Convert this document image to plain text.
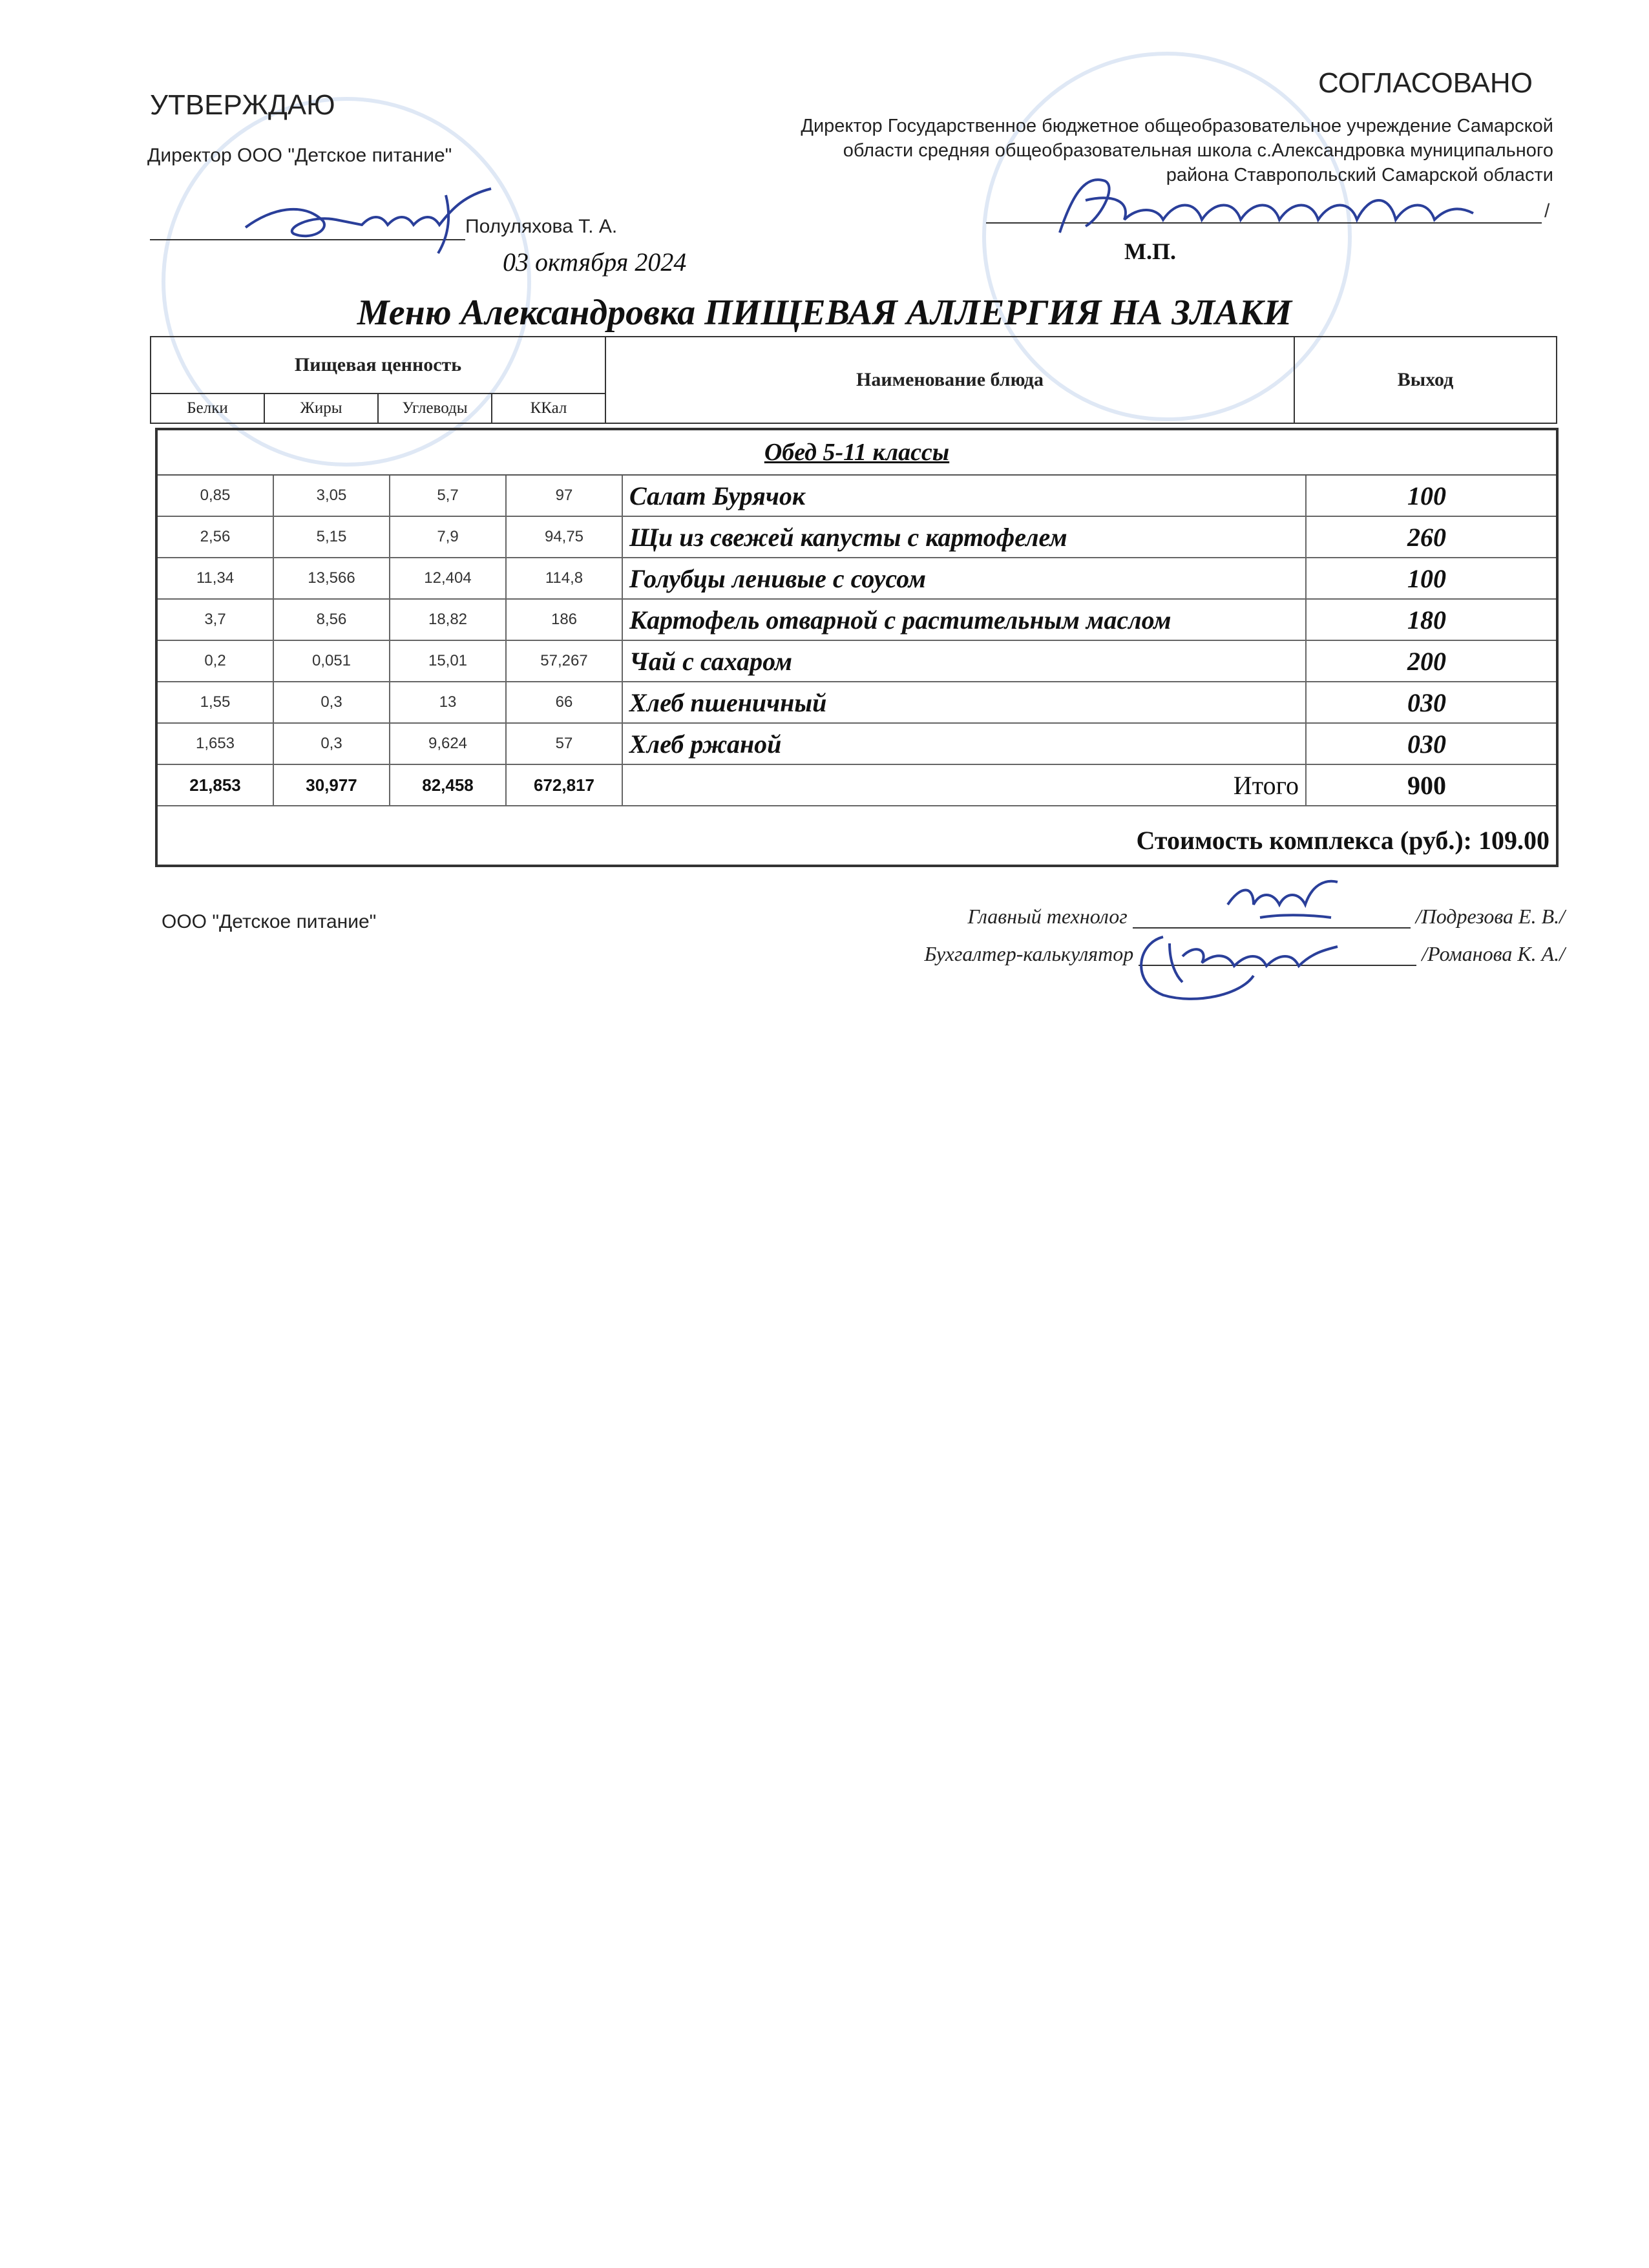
УТВЕРЖДАЮ
Директор ООО "Детское питание"
Полуляхова Т. А.
03 октября 2024
СОГЛАСОВАНО
Директор Государственное бюджетное общеобразовательное учреждение Самарской
области средняя общеобразовательная школа с.Александровка муниципального
района Ставропольский Самарской области
/
М.П.
Меню Александровка ПИЩЕВАЯ АЛЛЕРГИЯ НА ЗЛАКИ
Пищевая ценность
Белки	Жиры	Углеводы	ККал
Наименование блюда	Выход
Обед 5-11 классы
0,85	3,05	5,7	97	Салат Бурячок	100
2,56	5,15	7,9	94,75	Щи из свежей капусты с картофелем	260
11,34	13,566	12,404	114,8	Голубцы ленивые с соусом	100
3,7	8,56	18,82	186	Картофель отварной с растительным маслом	180
0,2	0,051	15,01	57,267	Чай с сахаром	200
1,55	0,3	13	66	Хлеб пшеничный	030
1,653	0,3	9,624	57	Хлеб ржаной	030
21,853	30,977	82,458	672,817	Итого	900
Стоимость комплекса (руб.): 109.00
ООО "Детское питание"	Главный технолог	/Подрезова Е. В./
Бухгалтер-калькулятор	/Романова К. А./
